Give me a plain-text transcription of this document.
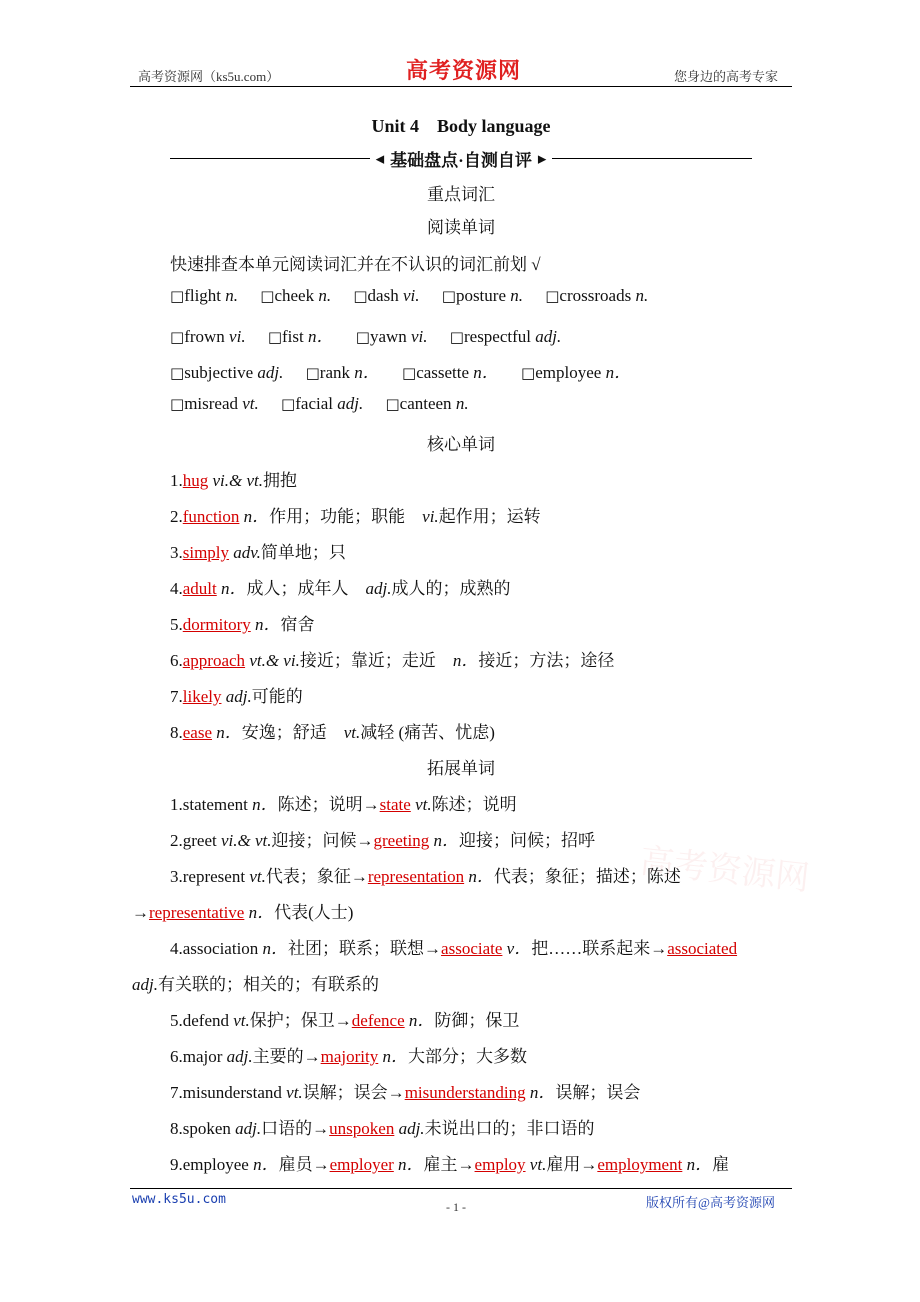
高考资源网（ks5u.com）	高考资源网	您身边的高考专家
高考资源网
Unit 4　Body language
◂ 基础盘点·自测自评 ▸
重点词汇
阅读单词
快速排查本单元阅读词汇并在不认识的词汇前划 √
□flight n. □cheek n. □dash vi. □posture n. □crossroads n.
□frown vi. □fist n． □yawn vi. □respectful adj.
□subjective adj. □rank n． □cassette n． □employee n．
□misread vt. □facial adj. □canteen n.
核心单词
1.hug vi.& vt.拥抱
2.function n．作用；功能；职能　vi.起作用；运转
3.simply adv.简单地；只
4.adult n．成人；成年人　adj.成人的；成熟的
5.dormitory n．宿舍
6.approach vt.& vi.接近；靠近；走近　n．接近；方法；途径
7.likely adj.可能的
8.ease n．安逸；舒适　vt.减轻 (痛苦、忧虑)
拓展单词
1.statement n．陈述；说明→state vt.陈述；说明
2.greet vi.& vt.迎接；问候→greeting n．迎接；问候；招呼
3.represent vt.代表；象征→representation n．代表；象征；描述；陈述
→representative n．代表(人士)
4.association n．社团；联系；联想→associate v．把……联系起来→associated
adj.有关联的；相关的；有联系的
5.defend vt.保护；保卫→defence n．防御；保卫
6.major adj.主要的→majority n．大部分；大多数
7.misunderstand vt.误解；误会→misunderstanding n．误解；误会
8.spoken adj.口语的→unspoken adj.未说出口的；非口语的
9.employee n．雇员→employer n．雇主→employ vt.雇用→employment n．雇
www.ks5u.com	- 1 -	版权所有@高考资源网
